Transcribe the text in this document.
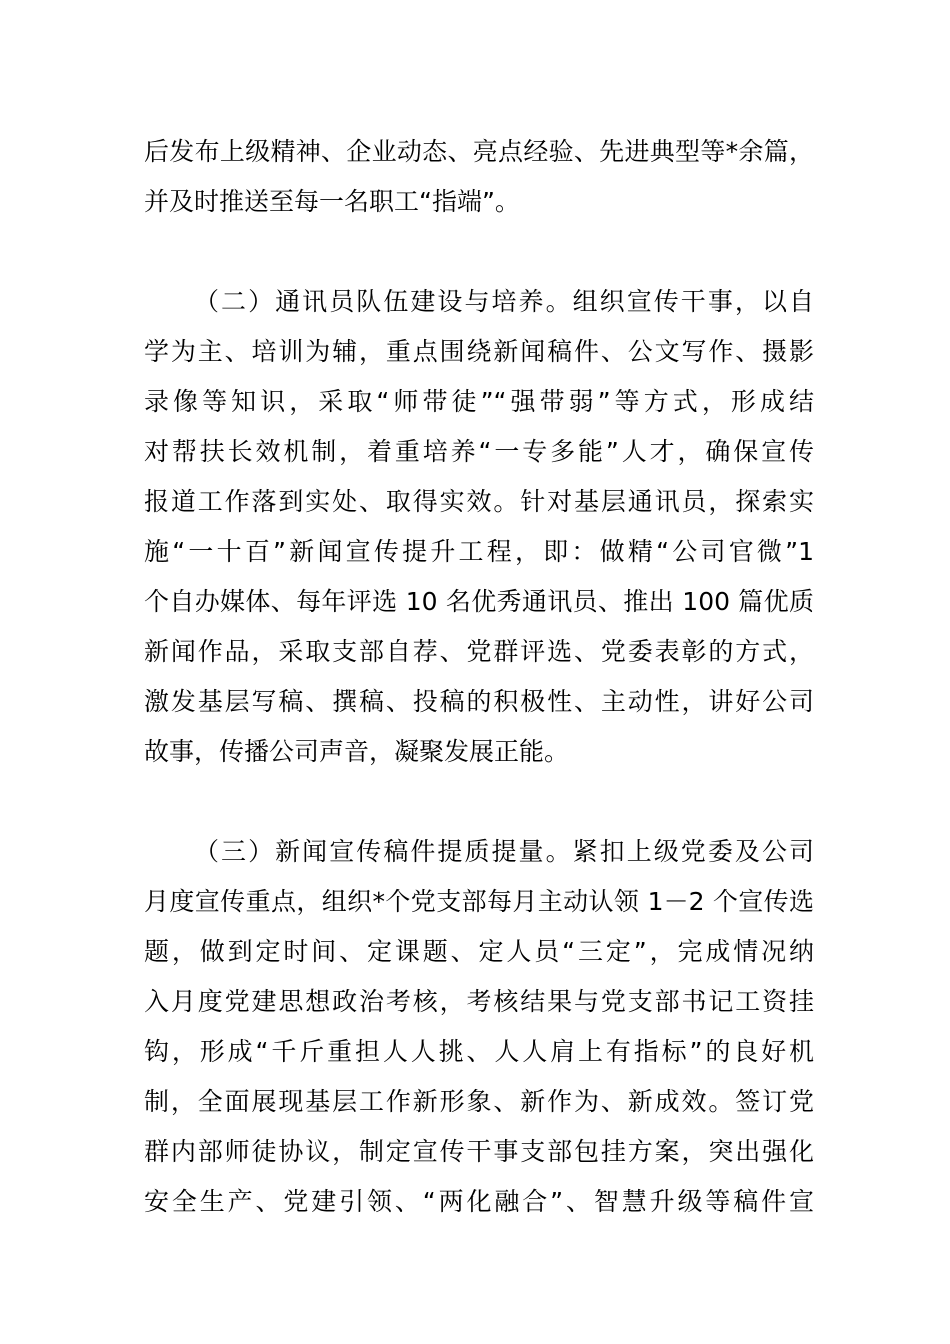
后发布上级精神、企业动态、亮点经验、先进典型等*余篇，
并及时推送至每一名职工“指端”。
（二）通讯员队伍建设与培养。组织宣传干事，以自
学为主、培训为辅，重点围绕新闻稿件、公文写作、摄影
录像等知识，采取“师带徒”“强带弱”等方式，形成结
对帮扶长效机制，着重培养“一专多能”人才，确保宣传
报道工作落到实处、取得实效。针对基层通讯员，探索实
施“一十百”新闻宣传提升工程，即：做精“公司官微”1
个自办媒体、每年评选 10 名优秀通讯员、推出 100 篇优质
新闻作品，采取支部自荐、党群评选、党委表彰的方式，
激发基层写稿、撰稿、投稿的积极性、主动性，讲好公司
故事，传播公司声音，凝聚发展正能。
（三）新闻宣传稿件提质提量。紧扣上级党委及公司
月度宣传重点，组织*个党支部每月主动认领 1－2 个宣传选
题，做到定时间、定课题、定人员“三定”，完成情况纳
入月度党建思想政治考核，考核结果与党支部书记工资挂
钩，形成“千斤重担人人挑、人人肩上有指标”的良好机
制，全面展现基层工作新形象、新作为、新成效。签订党
群内部师徒协议，制定宣传干事支部包挂方案，突出强化
安全生产、党建引领、“两化融合”、智慧升级等稿件宣
